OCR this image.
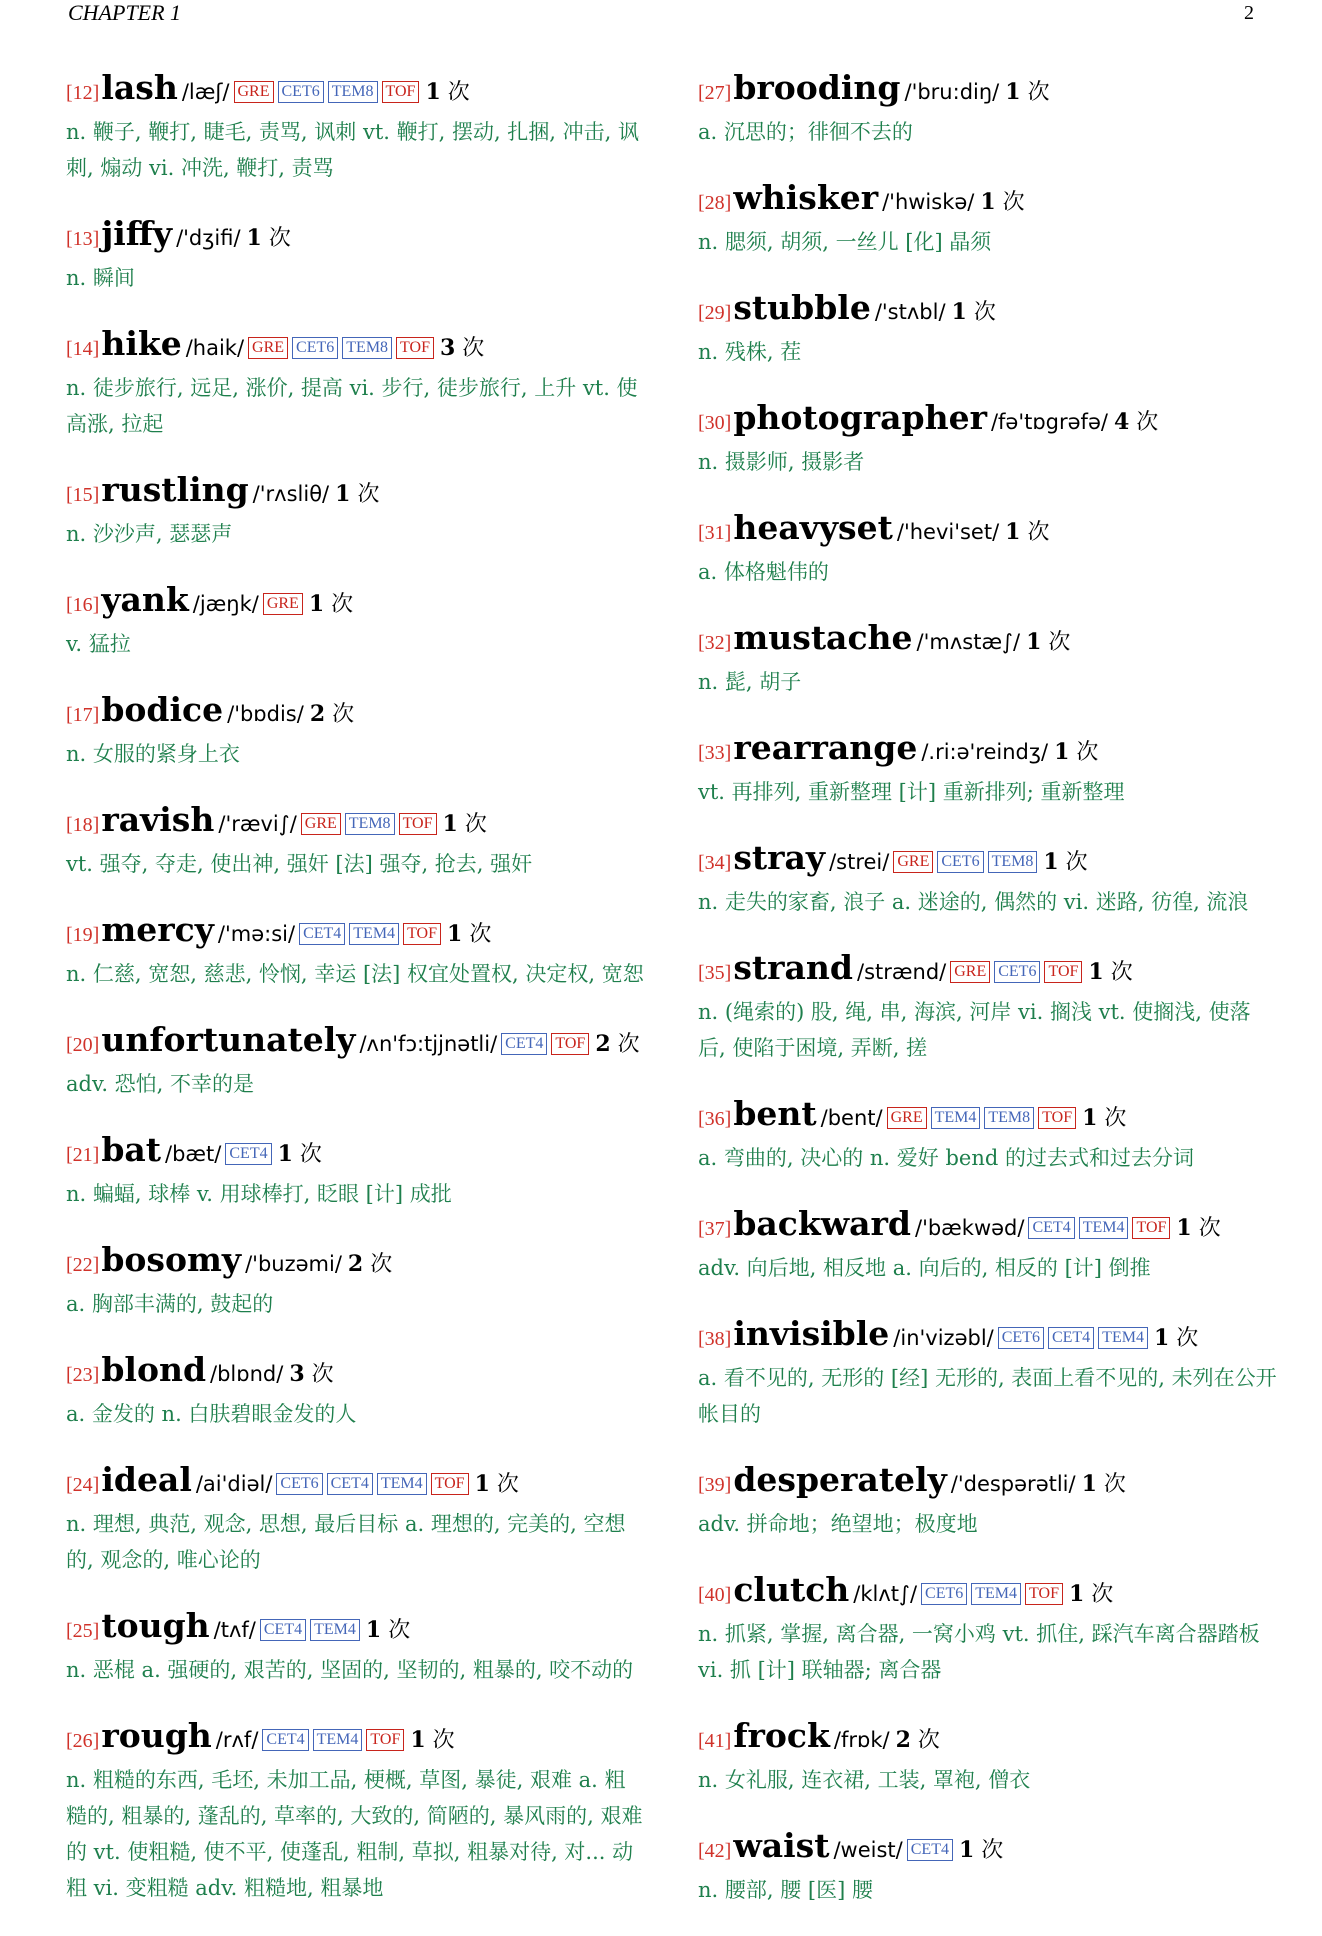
CHAPTER 1	2
[12]lash /læʃ/ GRE CET6 TEM8 TOF 1 次
n. 鞭子, 鞭打, 睫毛, 责骂, 讽刺 vt. 鞭打, 摆动, 扎捆, 冲击, 讽刺, 煽动 vi. 冲洗, 鞭打, 责骂
[13]jiffy /'dʒifi/ 1 次
n. 瞬间
[14]hike /haik/ GRE CET6 TEM8 TOF 3 次
n. 徒步旅行, 远足, 涨价, 提高 vi. 步行, 徒步旅行, 上升 vt. 使高涨, 拉起
[15]rustling /'rʌsliθ/ 1 次
n. 沙沙声, 瑟瑟声
[16]yank /jæŋk/ GRE 1 次
v. 猛拉
[17]bodice /'bɒdis/ 2 次
n. 女服的紧身上衣
[18]ravish /'rævi∫/ GRE TEM8 TOF 1 次
vt. 强夺, 夺走, 使出神, 强奸 [法] 强夺, 抢去, 强奸
[19]mercy /'mə:si/ CET4 TEM4 TOF 1 次
n. 仁慈, 宽恕, 慈悲, 怜悯, 幸运 [法] 权宜处置权, 决定权, 宽恕
[20]unfortunately /ʌn'fɔ:tjjnətli/ CET4 TOF 2 次
adv. 恐怕, 不幸的是
[21]bat /bæt/ CET4 1 次
n. 蝙蝠, 球棒 v. 用球棒打, 眨眼 [计] 成批
[22]bosomy /'buzəmi/ 2 次
a. 胸部丰满的, 鼓起的
[23]blond /blɒnd/ 3 次
a. 金发的 n. 白肤碧眼金发的人
[24]ideal /ai'diəl/ CET6 CET4 TEM4 TOF 1 次
n. 理想, 典范, 观念, 思想, 最后目标 a. 理想的, 完美的, 空想的, 观念的, 唯心论的
[25]tough /tʌf/ CET4 TEM4 1 次
n. 恶棍 a. 强硬的, 艰苦的, 坚固的, 坚韧的, 粗暴的, 咬不动的
[26]rough /rʌf/ CET4 TEM4 TOF 1 次
n. 粗糙的东西, 毛坯, 未加工品, 梗概, 草图, 暴徒, 艰难 a. 粗糙的, 粗暴的, 蓬乱的, 草率的, 大致的, 简陋的, 暴风雨的, 艰难的 vt. 使粗糙, 使不平, 使蓬乱, 粗制, 草拟, 粗暴对待, 对... 动粗 vi. 变粗糙 adv. 粗糙地, 粗暴地
[27]brooding /'bru:diŋ/ 1 次
a. 沉思的；徘徊不去的
[28]whisker /'hwiskə/ 1 次
n. 腮须, 胡须, 一丝儿 [化] 晶须
[29]stubble /'stʌbl/ 1 次
n. 残株, 茬
[30]photographer /fə'tɒgrəfə/ 4 次
n. 摄影师, 摄影者
[31]heavyset /'hevi'set/ 1 次
a. 体格魁伟的
[32]mustache /'mʌstæ∫/ 1 次
n. 髭, 胡子
[33]rearrange /.ri:ə'reindʒ/ 1 次
vt. 再排列, 重新整理 [计] 重新排列; 重新整理
[34]stray /strei/ GRE CET6 TEM8 1 次
n. 走失的家畜, 浪子 a. 迷途的, 偶然的 vi. 迷路, 彷徨, 流浪
[35]strand /strænd/ GRE CET6 TOF 1 次
n. (绳索的) 股, 绳, 串, 海滨, 河岸 vi. 搁浅 vt. 使搁浅, 使落后, 使陷于困境, 弄断, 搓
[36]bent /bent/ GRE TEM4 TEM8 TOF 1 次
a. 弯曲的, 决心的 n. 爱好 bend 的过去式和过去分词
[37]backward /'bækwəd/ CET4 TEM4 TOF 1 次
adv. 向后地, 相反地 a. 向后的, 相反的 [计] 倒推
[38]invisible /in'vizəbl/ CET6 CET4 TEM4 1 次
a. 看不见的, 无形的 [经] 无形的, 表面上看不见的, 未列在公开帐目的
[39]desperately /'despərətli/ 1 次
adv. 拼命地；绝望地；极度地
[40]clutch /klʌt∫/ CET6 TEM4 TOF 1 次
n. 抓紧, 掌握, 离合器, 一窝小鸡 vt. 抓住, 踩汽车离合器踏板 vi. 抓 [计] 联轴器; 离合器
[41]frock /frɒk/ 2 次
n. 女礼服, 连衣裙, 工装, 罩袍, 僧衣
[42]waist /weist/ CET4 1 次
n. 腰部, 腰 [医] 腰
